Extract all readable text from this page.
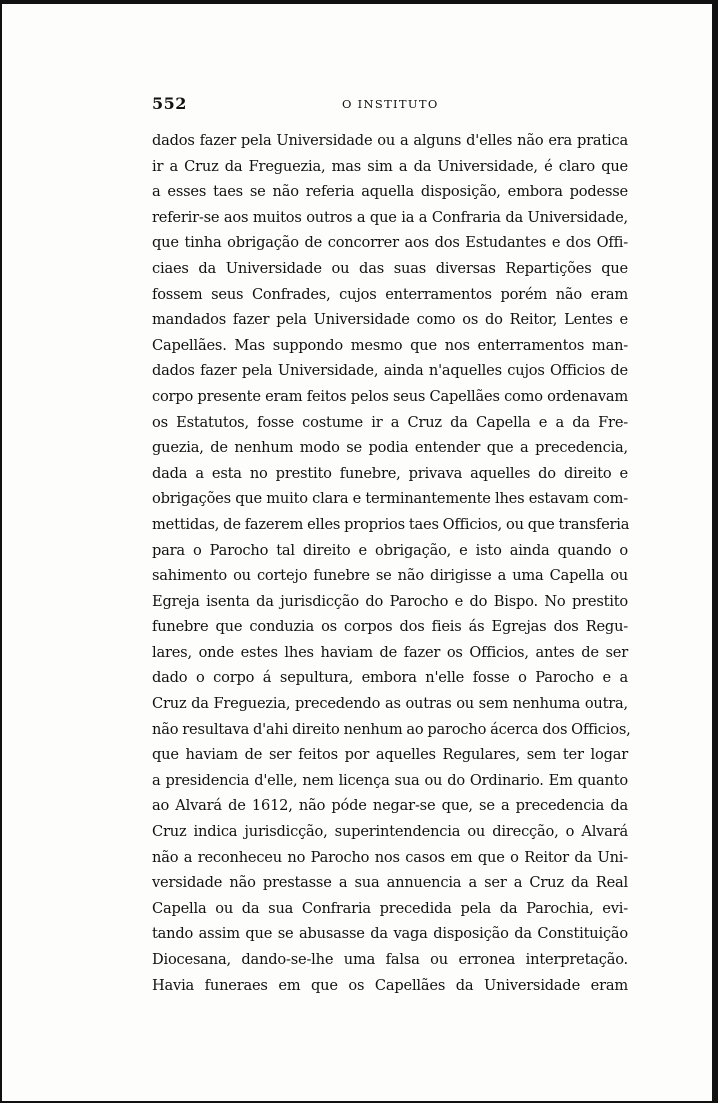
552	O INSTITUTO
dados fazer pela Universidade ou a alguns d'elles não era pratica
ir a Cruz da Freguezia, mas sim a da Universidade, é claro que
a esses taes se não referia aquella disposição, embora podesse
referir-se aos muitos outros a que ia a Confraria da Universidade,
que tinha obrigação de concorrer aos dos Estudantes e dos Offi-
ciaes da Universidade ou das suas diversas Repartições que
fossem seus Confrades, cujos enterramentos porém não eram
mandados fazer pela Universidade como os do Reitor, Lentes e
Capellães. Mas suppondo mesmo que nos enterramentos man-
dados fazer pela Universidade, ainda n'aquelles cujos Officios de
corpo presente eram feitos pelos seus Capellães como ordenavam
os Estatutos, fosse costume ir a Cruz da Capella e a da Fre-
guezia, de nenhum modo se podia entender que a precedencia,
dada a esta no prestito funebre, privava aquelles do direito e
obrigações que muito clara e terminantemente lhes estavam com-
mettidas, de fazerem elles proprios taes Officios, ou que transferia
para o Parocho tal direito e obrigação, e isto ainda quando o
sahimento ou cortejo funebre se não dirigisse a uma Capella ou
Egreja isenta da jurisdicção do Parocho e do Bispo. No prestito
funebre que conduzia os corpos dos fieis ás Egrejas dos Regu-
lares, onde estes lhes haviam de fazer os Officios, antes de ser
dado o corpo á sepultura, embora n'elle fosse o Parocho e a
Cruz da Freguezia, precedendo as outras ou sem nenhuma outra,
não resultava d'ahi direito nenhum ao parocho ácerca dos Officios,
que haviam de ser feitos por aquelles Regulares, sem ter logar
a presidencia d'elle, nem licença sua ou do Ordinario. Em quanto
ao Alvará de 1612, não póde negar-se que, se a precedencia da
Cruz indica jurisdicção, superintendencia ou direcção, o Alvará
não a reconheceu no Parocho nos casos em que o Reitor da Uni-
versidade não prestasse a sua annuencia a ser a Cruz da Real
Capella ou da sua Confraria precedida pela da Parochia, evi-
tando assim que se abusasse da vaga disposição da Constituição
Diocesana, dando-se-lhe uma falsa ou erronea interpretação.
Havia funeraes em que os Capellães da Universidade eram
